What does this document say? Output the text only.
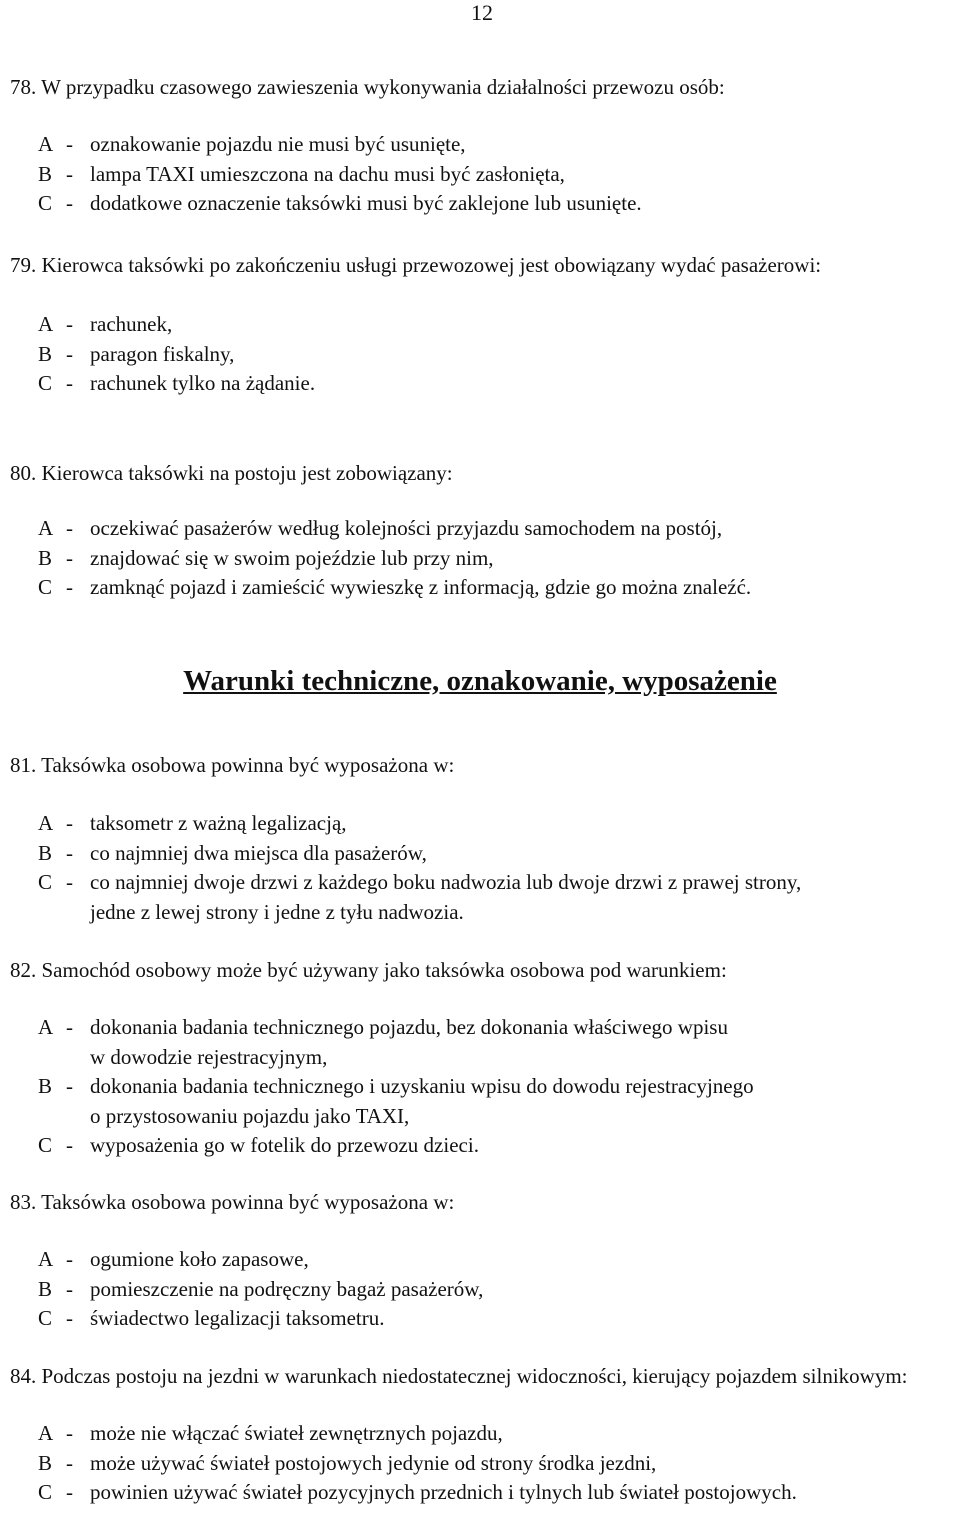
12
78. W przypadku czasowego zawieszenia wykonywania działalności przewozu osób:
A - oznakowanie pojazdu nie musi być usunięte,
B - lampa TAXI umieszczona na dachu musi być zasłonięta,
C - dodatkowe oznaczenie taksówki musi być zaklejone lub usunięte.
79. Kierowca taksówki po zakończeniu usługi przewozowej jest obowiązany wydać pasażerowi:
A - rachunek,
B - paragon fiskalny,
C - rachunek tylko na żądanie.
80. Kierowca taksówki na postoju jest zobowiązany:
A - oczekiwać pasażerów według kolejności przyjazdu samochodem na postój,
B - znajdować się w swoim pojeździe lub przy nim,
C - zamknąć pojazd i zamieścić wywieszkę z informacją, gdzie go można znaleźć.
Warunki techniczne, oznakowanie, wyposażenie
81. Taksówka osobowa powinna być wyposażona w:
A - taksometr z ważną legalizacją,
B - co najmniej dwa miejsca dla pasażerów,
C - co najmniej dwoje drzwi z każdego boku nadwozia lub dwoje drzwi z prawej strony,
jedne z lewej strony i jedne z tyłu nadwozia.
82. Samochód osobowy może być używany jako taksówka osobowa pod warunkiem:
A - dokonania badania technicznego pojazdu, bez dokonania właściwego wpisu
w dowodzie rejestracyjnym,
B - dokonania badania technicznego i uzyskaniu wpisu do dowodu rejestracyjnego
o przystosowaniu pojazdu jako TAXI,
C - wyposażenia go w fotelik do przewozu dzieci.
83. Taksówka osobowa powinna być wyposażona w:
A - ogumione koło zapasowe,
B - pomieszczenie na podręczny bagaż pasażerów,
C - świadectwo legalizacji taksometru.
84. Podczas postoju na jezdni w warunkach niedostatecznej widoczności, kierujący pojazdem silnikowym:
A - może nie włączać świateł zewnętrznych pojazdu,
B - może używać świateł postojowych jedynie od strony środka jezdni,
C - powinien używać świateł pozycyjnych przednich i tylnych lub świateł postojowych.
